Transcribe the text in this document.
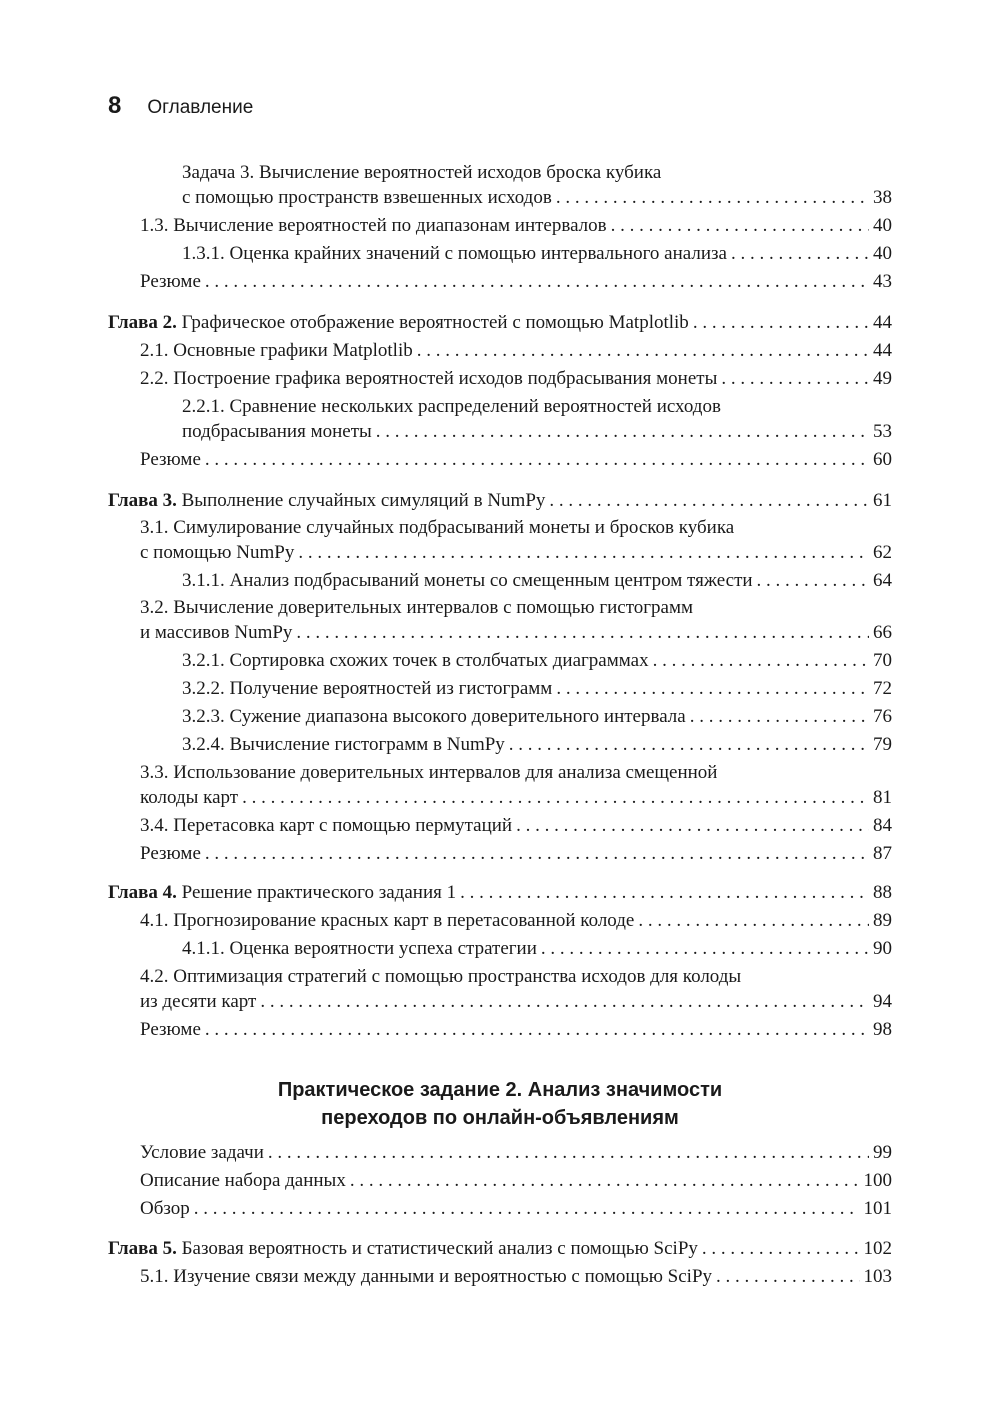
8 Оглавление
Задача 3. Вычисление вероятностей исходов броска кубика
с помощью пространств взвешенных исходов . . .	38
1.3. Вычисление вероятностей по диапазонам интервалов . . .	40
1.3.1. Оценка крайних значений с помощью интервального анализа . . .	40
Резюме . . .	43
Глава 2. Графическое отображение вероятностей с помощью Matplotlib . . .	44
2.1. Основные графики Matplotlib . . .	44
2.2. Построение графика вероятностей исходов подбрасывания монеты . . .	49
2.2.1. Сравнение нескольких распределений вероятностей исходов
подбрасывания монеты . . .	53
Резюме . . .	60
Глава 3. Выполнение случайных симуляций в NumPy . . .	61
3.1. Симулирование случайных подбрасываний монеты и бросков кубика
с помощью NumPy . . .	62
3.1.1. Анализ подбрасываний монеты со смещенным центром тяжести . . .	64
3.2. Вычисление доверительных интервалов с помощью гистограмм
и массивов NumPy . . .	66
3.2.1. Сортировка схожих точек в столбчатых диаграммах . . .	70
3.2.2. Получение вероятностей из гистограмм . . .	72
3.2.3. Сужение диапазона высокого доверительного интервала . . .	76
3.2.4. Вычисление гистограмм в NumPy . . .	79
3.3. Использование доверительных интервалов для анализа смещенной
колоды карт . . .	81
3.4. Перетасовка карт с помощью пермутаций . . .	84
Резюме . . .	87
Глава 4. Решение практического задания 1 . . .	88
4.1. Прогнозирование красных карт в перетасованной колоде . . .	89
4.1.1. Оценка вероятности успеха стратегии . . .	90
4.2. Оптимизация стратегий с помощью пространства исходов для колоды
из десяти карт . . .	94
Резюме . . .	98
Практическое задание 2. Анализ значимости
переходов по онлайн-объявлениям
Условие задачи . . .	99
Описание набора данных . . .	100
Обзор . . .	101
Глава 5. Базовая вероятность и статистический анализ с помощью SciPy . . .	102
5.1. Изучение связи между данными и вероятностью с помощью SciPy . . .	103
